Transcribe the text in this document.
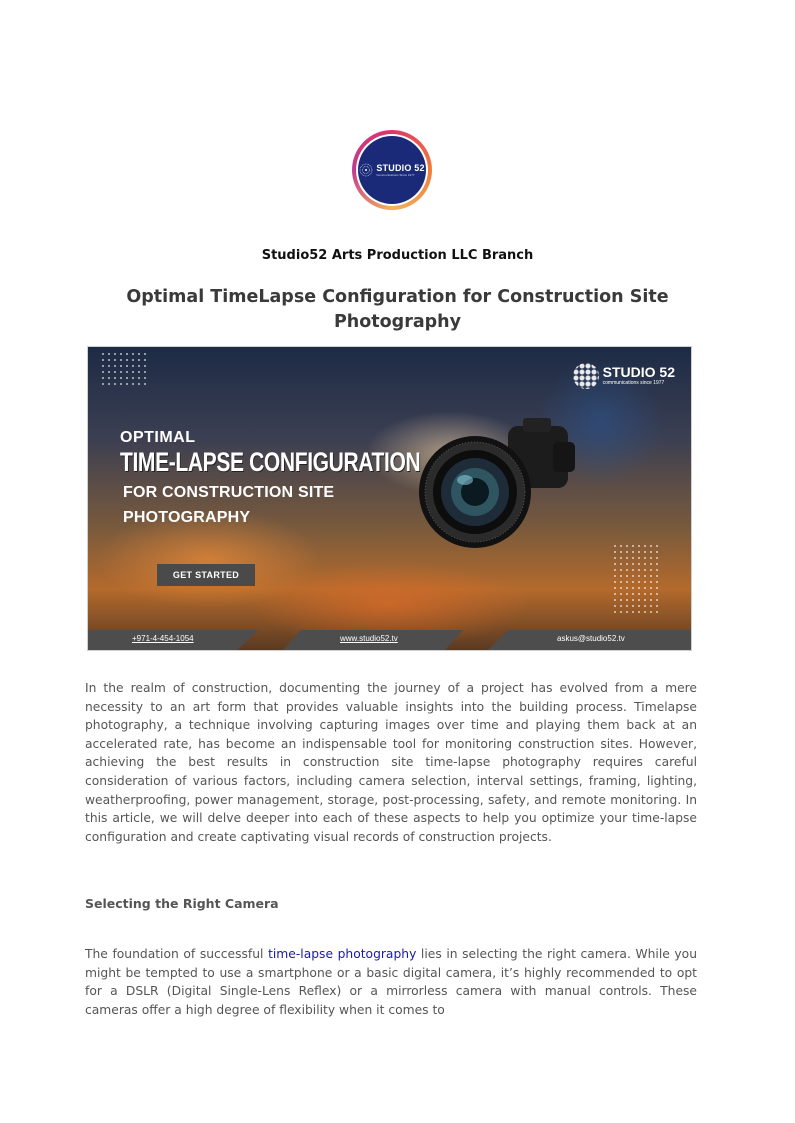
STUDIO 52
Communications Since 1977
Studio52 Arts Production LLC Branch
Optimal TimeLapse Configuration for Construction Site Photography
STUDIO 52
communications since 1977
OPTIMAL
TIME-LAPSE CONFIGURATION
FOR CONSTRUCTION SITE
PHOTOGRAPHY
GET STARTED
+971-4-454-1054	www.studio52.tv	askus@studio52.tv

In the realm of construction, documenting the journey of a project has evolved from a mere necessity to an art form that provides valuable insights into the building process. Timelapse photography, a technique involving capturing images over time and playing them back at an accelerated rate, has become an indispensable tool for monitoring construction sites. However, achieving the best results in construction site time-lapse photography requires careful consideration of various factors, including camera selection, interval settings, framing, lighting, weatherproofing, power management, storage, post-processing, safety, and remote monitoring. In this article, we will delve deeper into each of these aspects to help you optimize your time-lapse configuration and create captivating visual records of construction projects.

Selecting the Right Camera

The foundation of successful time-lapse photography lies in selecting the right camera. While you might be tempted to use a smartphone or a basic digital camera, it’s highly recommended to opt for a DSLR (Digital Single-Lens Reflex) or a mirrorless camera with manual controls. These cameras offer a high degree of flexibility when it comes to
